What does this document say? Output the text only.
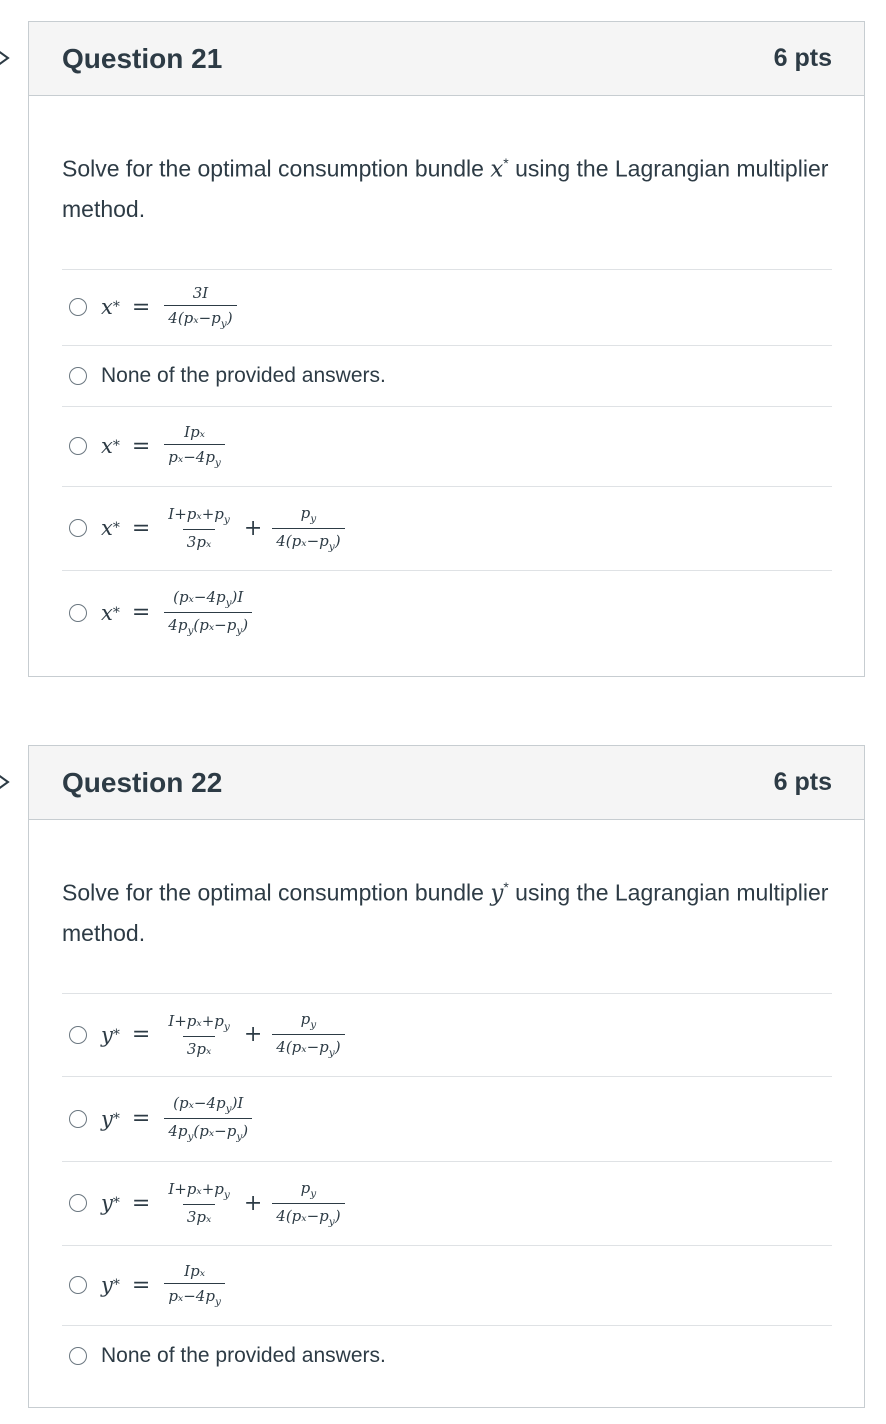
Question 21	6 pts

Solve for the optimal consumption bundle x* using the Lagrangian multiplier method.

x * = $\frac{3I}{4(p_x-p_y)}$
None of the provided answers.
x * = $\frac{\text{Ipₓ}}{p_x-4p_y}$
x * = $\frac{I+p_x+p_y}{\text{3pₓ}} + \frac{p_y}{4(p_x-p_y)}$
x * = $\frac{(p_x-4p_y)I}{4p_y(p_x-p_y)}$
Question 22	6 pts

Solve for the optimal consumption bundle y* using the Lagrangian multiplier method.

y * = $\frac{I+p_x+p_y}{\text{3pₓ}} + \frac{p_y}{4(p_x-p_y)}$
y * = $\frac{(p_x-4p_y)I}{4p_y(p_x-p_y)}$
y * = $\frac{I+p_x+p_y}{\text{3pₓ}} + \frac{p_y}{4(p_x-p_y)}$
y * = $\frac{\text{Ipₓ}}{p_x-4p_y}$
None of the provided answers.
